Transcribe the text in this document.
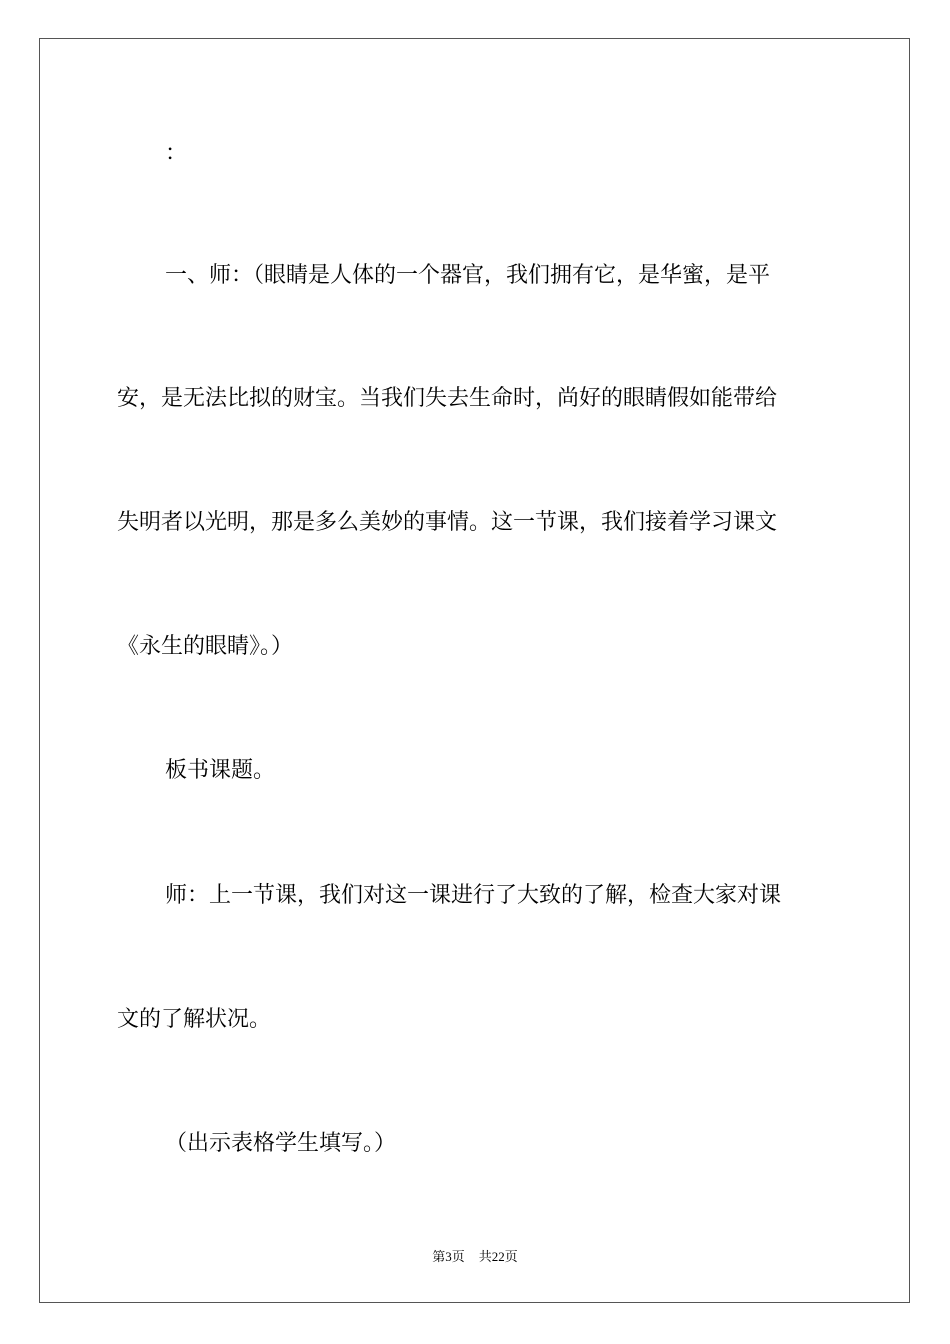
：
一、师：（眼睛是人体的一个器官，我们拥有它，是华蜜，是平
安，是无法比拟的财宝。当我们失去生命时，尚好的眼睛假如能带给
失明者以光明，那是多么美妙的事情。这一节课，我们接着学习课文
《永生的眼睛》。）
板书课题。
师：上一节课，我们对这一课进行了大致的了解，检查大家对课
文的了解状况。
（出示表格学生填写。）
第3页 共22页
